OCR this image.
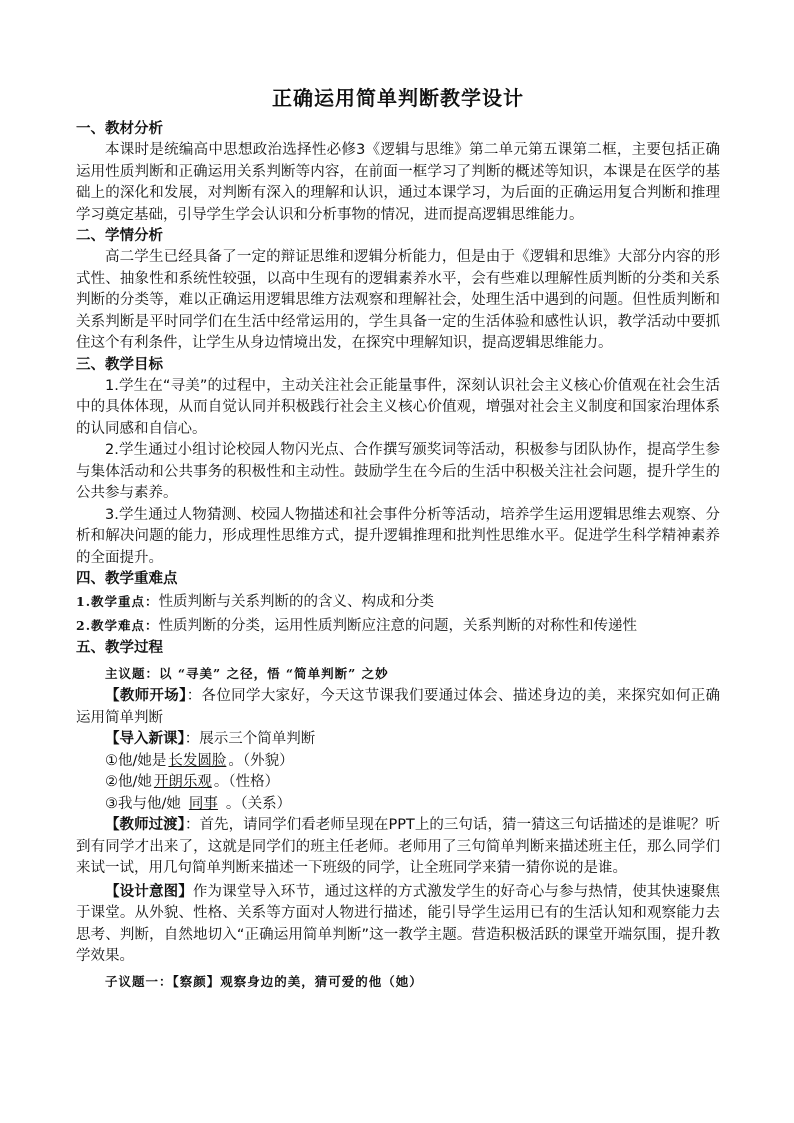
正确运用简单判断教学设计

一、教材分析

本课时是统编高中思想政治选择性必修3《逻辑与思维》第二单元第五课第二框，主要包括正确运用性质判断和正确运用关系判断等内容，在前面一框学习了判断的概述等知识，本课是在医学的基础上的深化和发展，对判断有深入的理解和认识，通过本课学习，为后面的正确运用复合判断和推理学习奠定基础，引导学生学会认识和分析事物的情况，进而提高逻辑思维能力。

二、学情分析

高二学生已经具备了一定的辩证思维和逻辑分析能力，但是由于《逻辑和思维》大部分内容的形式性、抽象性和系统性较强，以高中生现有的逻辑素养水平，会有些难以理解性质判断的分类和关系判断的分类等，难以正确运用逻辑思维方法观察和理解社会，处理生活中遇到的问题。但性质判断和关系判断是平时同学们在生活中经常运用的，学生具备一定的生活体验和感性认识，教学活动中要抓住这个有利条件，让学生从身边情境出发，在探究中理解知识，提高逻辑思维能力。

三、教学目标

1.学生在“寻美”的过程中，主动关注社会正能量事件，深刻认识社会主义核心价值观在社会生活中的具体体现，从而自觉认同并积极践行社会主义核心价值观，增强对社会主义制度和国家治理体系的认同感和自信心。

2.学生通过小组讨论校园人物闪光点、合作撰写颁奖词等活动，积极参与团队协作，提高学生参与集体活动和公共事务的积极性和主动性。鼓励学生在今后的生活中积极关注社会问题，提升学生的公共参与素养。

3.学生通过人物猜测、校园人物描述和社会事件分析等活动，培养学生运用逻辑思维去观察、分析和解决问题的能力，形成理性思维方式，提升逻辑推理和批判性思维水平。促进学生科学精神素养的全面提升。

四、教学重难点

1.教学重点：性质判断与关系判断的的含义、构成和分类

2.教学难点：性质判断的分类，运用性质判断应注意的问题，关系判断的对称性和传递性

五、教学过程

主议题：以 “寻美” 之径，悟 “简单判断” 之妙

【教师开场】：各位同学大家好，今天这节课我们要通过体会、描述身边的美，来探究如何正确运用简单判断

【导入新课】：展示三个简单判断

①他/她是 长发圆脸 。（外貌）

②他/她 开朗乐观 。（性格）

③我与他/她 同事 。（关系）

【教师过渡】：首先，请同学们看老师呈现在PPT上的三句话，猜一猜这三句话描述的是谁呢？听到有同学才出来了，这就是同学们的班主任老师。老师用了三句简单判断来描述班主任，那么同学们来试一试，用几句简单判断来描述一下班级的同学，让全班同学来猜一猜你说的是谁。

【设计意图】作为课堂导入环节，通过这样的方式激发学生的好奇心与参与热情，使其快速聚焦于课堂。从外貌、性格、关系等方面对人物进行描述，能引导学生运用已有的生活认知和观察能力去思考、判断，自然地切入“正确运用简单判断”这一教学主题。营造积极活跃的课堂开端氛围，提升教学效果。

子议题一：【察颜】观察身边的美，猜可爱的他（她）
